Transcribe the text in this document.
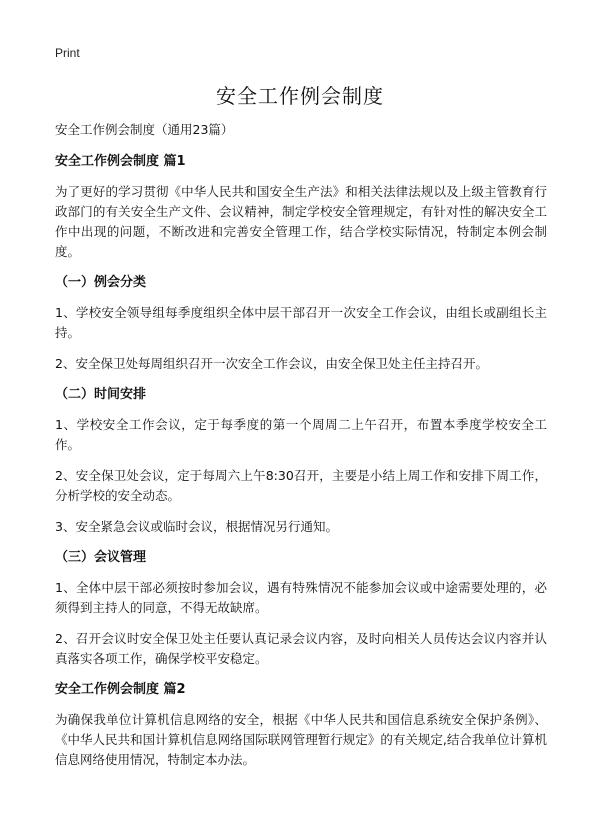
Print
安全工作例会制度

安全工作例会制度（通用23篇）

安全工作例会制度 篇1

为了更好的学习贯彻《中华人民共和国安全生产法》和相关法律法规以及上级主管教育行政部门的有关安全生产文件、会议精神，制定学校安全管理规定，有针对性的解决安全工作中出现的问题，不断改进和完善安全管理工作，结合学校实际情况，特制定本例会制度。

（一）例会分类

1、学校安全领导组每季度组织全体中层干部召开一次安全工作会议，由组长或副组长主持。

2、安全保卫处每周组织召开一次安全工作会议，由安全保卫处主任主持召开。

（二）时间安排

1、学校安全工作会议，定于每季度的第一个周周二上午召开，布置本季度学校安全工作。

2、安全保卫处会议，定于每周六上午8:30召开，主要是小结上周工作和安排下周工作，分析学校的安全动态。

3、安全紧急会议或临时会议，根据情况另行通知。

（三）会议管理

1、全体中层干部必须按时参加会议，遇有特殊情况不能参加会议或中途需要处理的，必须得到主持人的同意，不得无故缺席。

2、召开会议时安全保卫处主任要认真记录会议内容，及时向相关人员传达会议内容并认真落实各项工作，确保学校平安稳定。

安全工作例会制度 篇2

为确保我单位计算机信息网络的安全，根据《中华人民共和国信息系统安全保护条例》、《中华人民共和国计算机信息网络国际联网管理暂行规定》的有关规定,结合我单位计算机信息网络使用情况，特制定本办法。
